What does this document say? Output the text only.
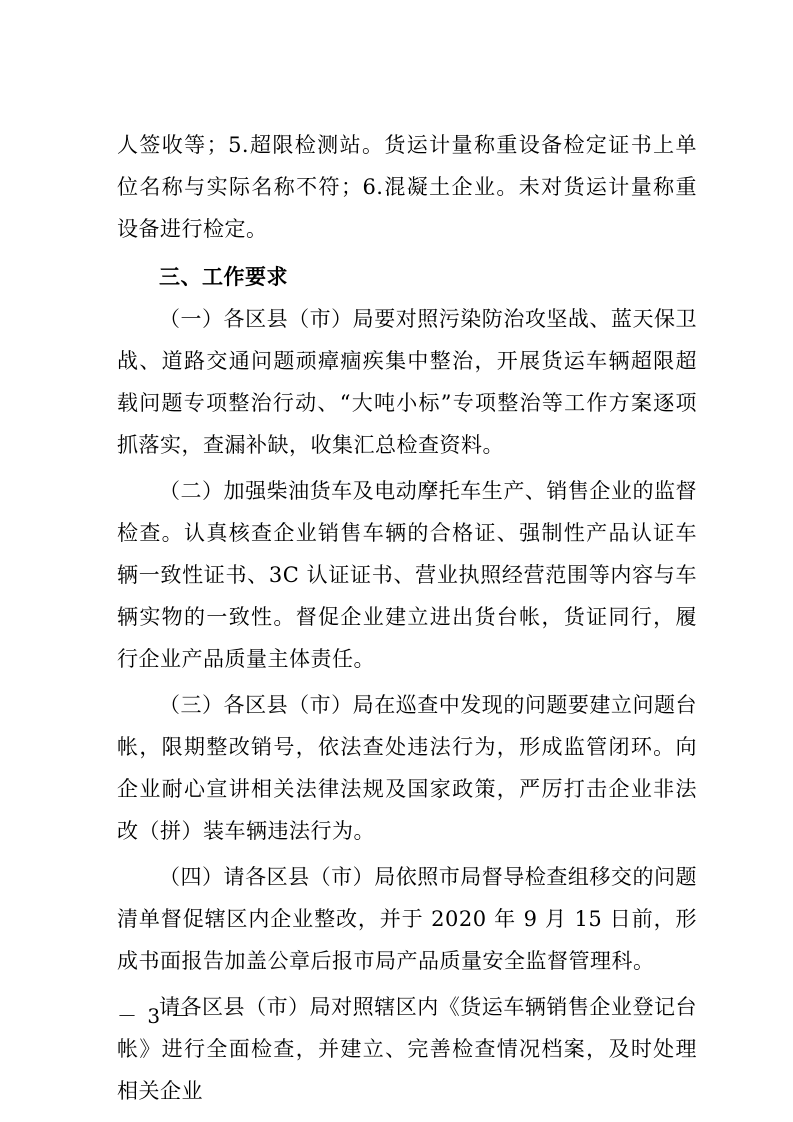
人签收等；5.超限检测站。货运计量称重设备检定证书上单位名称与实际名称不符；6.混凝土企业。未对货运计量称重设备进行检定。

三、工作要求

（一）各区县（市）局要对照污染防治攻坚战、蓝天保卫战、道路交通问题顽瘴痼疾集中整治，开展货运车辆超限超载问题专项整治行动、“大吨小标”专项整治等工作方案逐项抓落实，查漏补缺，收集汇总检查资料。

（二）加强柴油货车及电动摩托车生产、销售企业的监督检查。认真核查企业销售车辆的合格证、强制性产品认证车辆一致性证书、3C 认证证书、营业执照经营范围等内容与车辆实物的一致性。督促企业建立进出货台帐，货证同行，履行企业产品质量主体责任。

（三）各区县（市）局在巡查中发现的问题要建立问题台帐，限期整改销号，依法查处违法行为，形成监管闭环。向企业耐心宣讲相关法律法规及国家政策，严厉打击企业非法改（拼）装车辆违法行为。

（四）请各区县（市）局依照市局督导检查组移交的问题清单督促辖区内企业整改，并于 2020 年 9 月 15 日前，形成书面报告加盖公章后报市局产品质量安全监督管理科。

请各区县（市）局对照辖区内《货运车辆销售企业登记台帐》进行全面检查，并建立、完善检查情况档案，及时处理相关企业

－ 3 －
